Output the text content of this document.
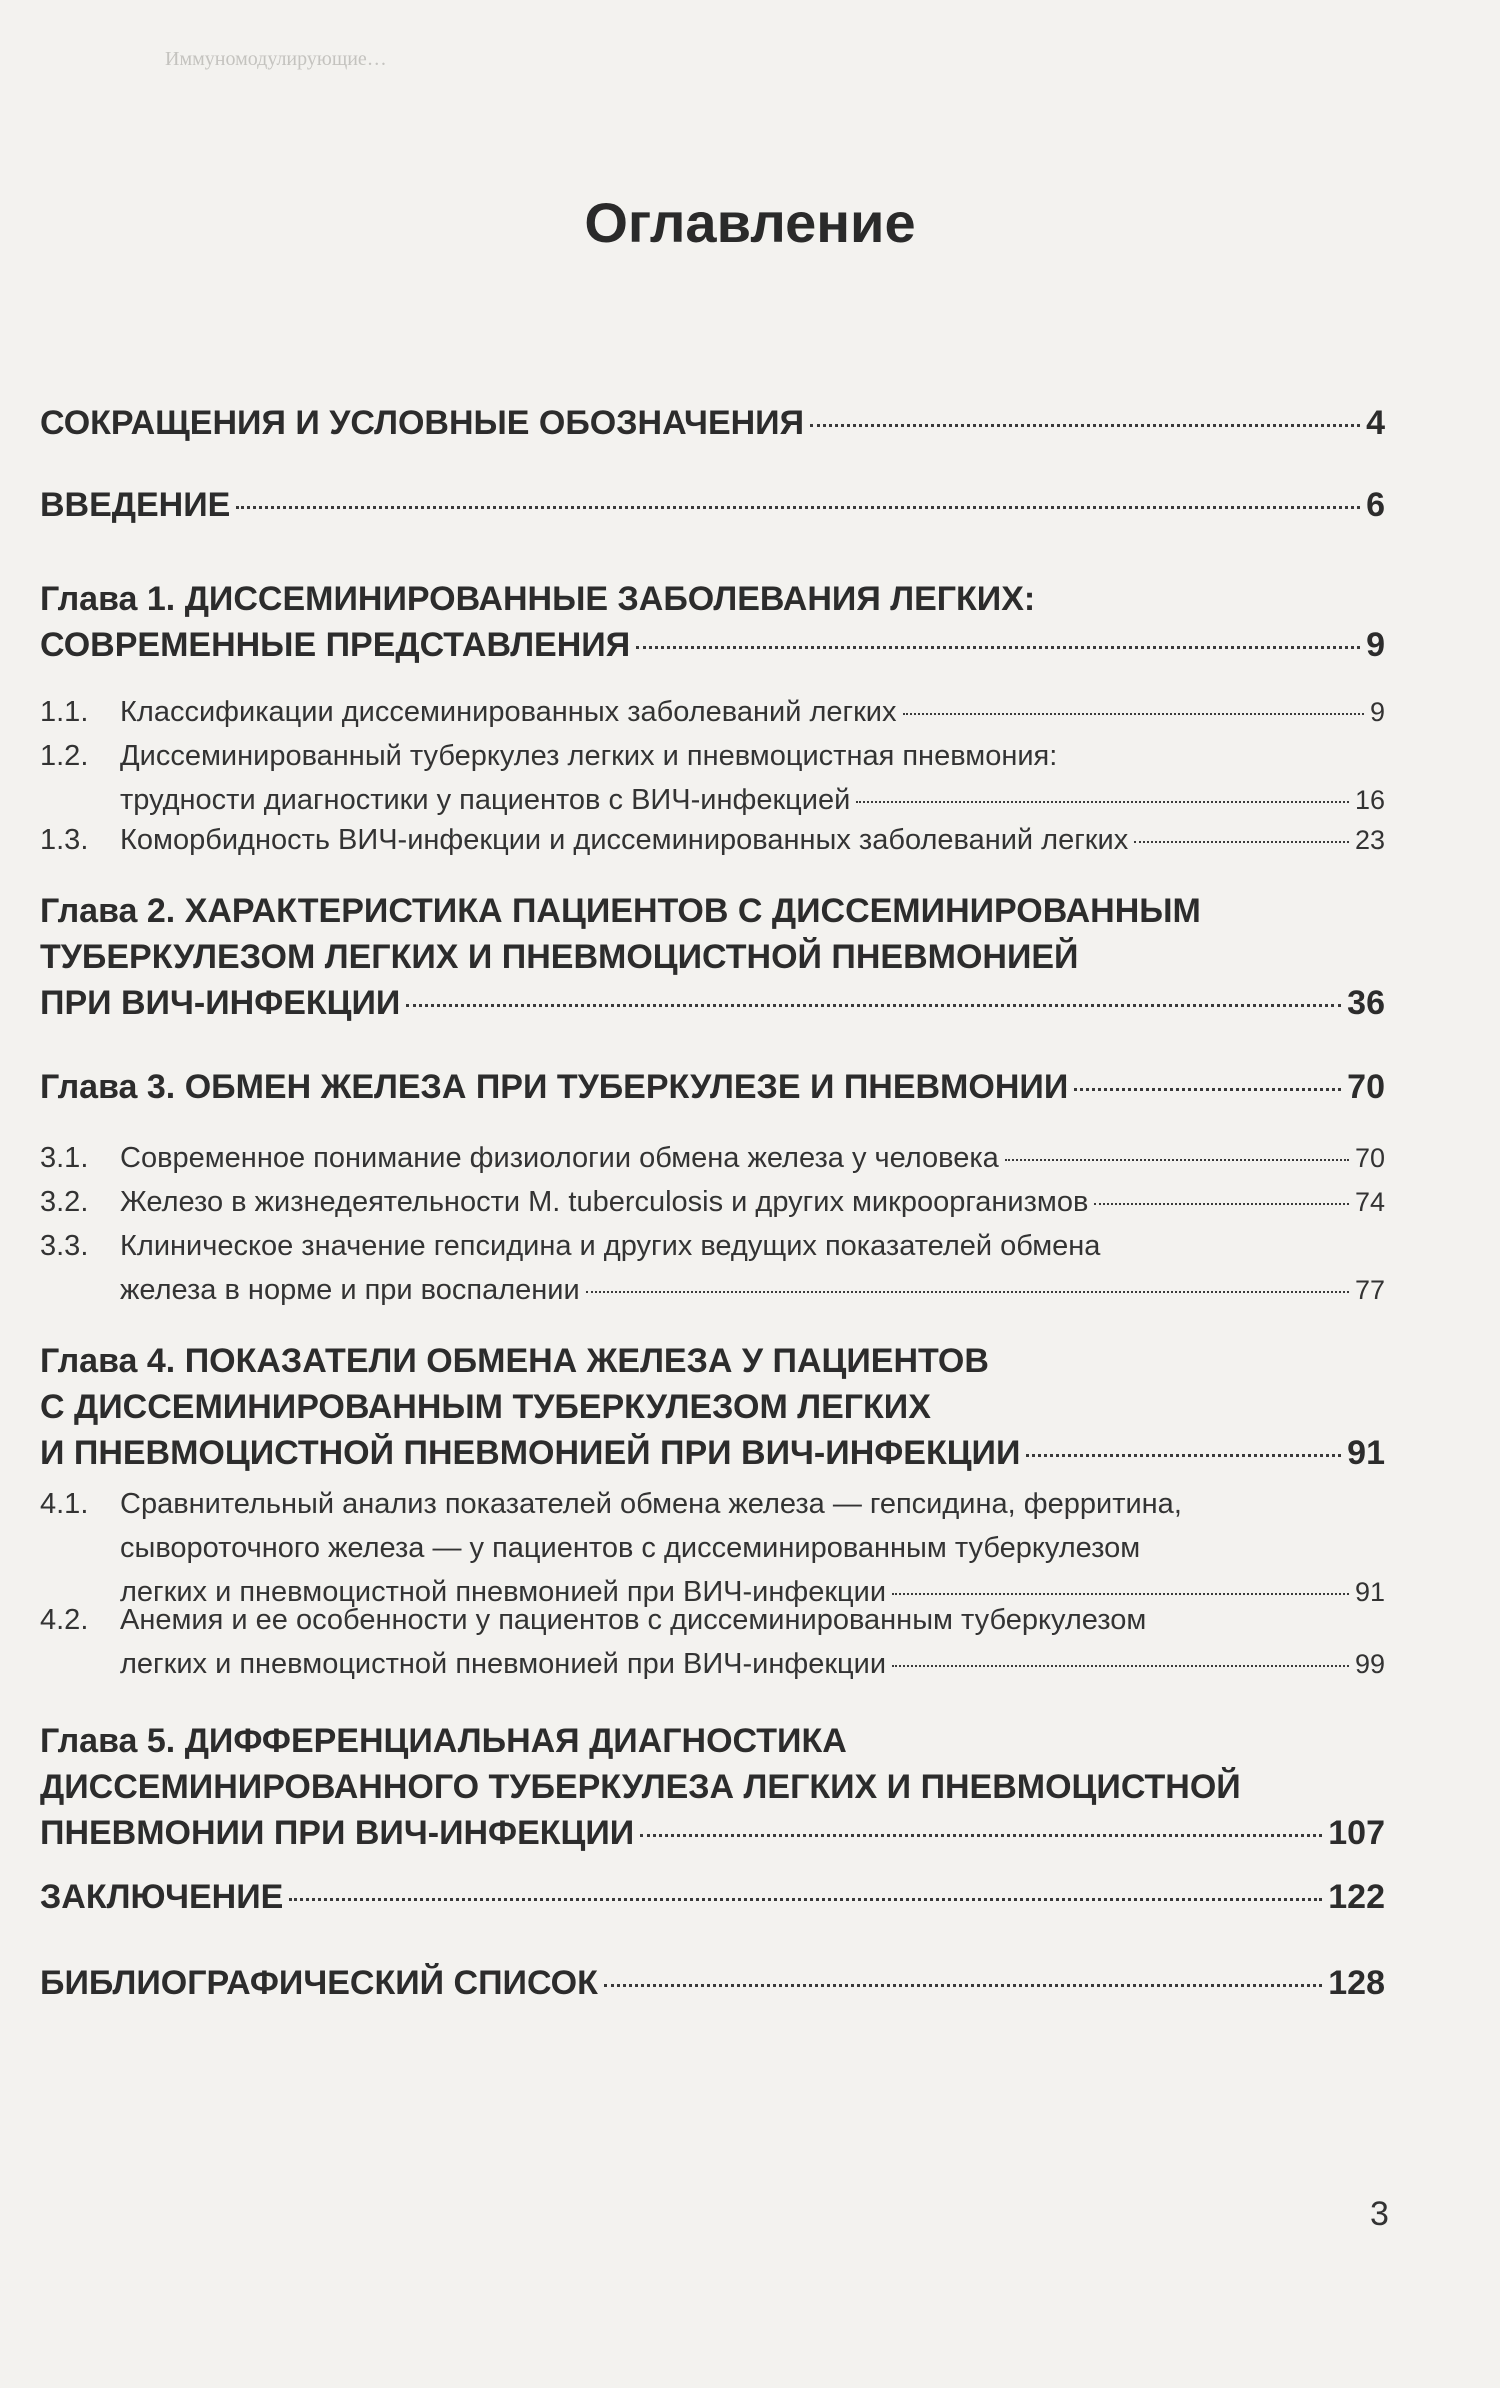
Иммуномодулирующие…
Оглавление
СОКРАЩЕНИЯ И УСЛОВНЫЕ ОБОЗНАЧЕНИЯ	4
ВВЕДЕНИЕ	6
Глава 1. ДИССЕМИНИРОВАННЫЕ ЗАБОЛЕВАНИЯ ЛЕГКИХ:
СОВРЕМЕННЫЕ ПРЕДСТАВЛЕНИЯ	9
1.1. Классификации диссеминированных заболеваний легких	9
1.2. Диссеминированный туберкулез легких и пневмоцистная пневмония:
трудности диагностики у пациентов с ВИЧ-инфекцией	16
1.3. Коморбидность ВИЧ-инфекции и диссеминированных заболеваний легких	23
Глава 2. ХАРАКТЕРИСТИКА ПАЦИЕНТОВ С ДИССЕМИНИРОВАННЫМ
ТУБЕРКУЛЕЗОМ ЛЕГКИХ И ПНЕВМОЦИСТНОЙ ПНЕВМОНИЕЙ
ПРИ ВИЧ-ИНФЕКЦИИ	36
Глава 3. ОБМЕН ЖЕЛЕЗА ПРИ ТУБЕРКУЛЕЗЕ И ПНЕВМОНИИ	70
3.1. Современное понимание физиологии обмена железа у человека	70
3.2. Железо в жизнедеятельности M. tuberculosis и других микроорганизмов	74
3.3. Клиническое значение гепсидина и других ведущих показателей обмена
железа в норме и при воспалении	77
Глава 4. ПОКАЗАТЕЛИ ОБМЕНА ЖЕЛЕЗА У ПАЦИЕНТОВ
С ДИССЕМИНИРОВАННЫМ ТУБЕРКУЛЕЗОМ ЛЕГКИХ
И ПНЕВМОЦИСТНОЙ ПНЕВМОНИЕЙ ПРИ ВИЧ-ИНФЕКЦИИ	91
4.1. Сравнительный анализ показателей обмена железа — гепсидина, ферритина,
сывороточного железа — у пациентов с диссеминированным туберкулезом
легких и пневмоцистной пневмонией при ВИЧ-инфекции	91
4.2. Анемия и ее особенности у пациентов с диссеминированным туберкулезом
легких и пневмоцистной пневмонией при ВИЧ-инфекции	99
Глава 5. ДИФФЕРЕНЦИАЛЬНАЯ ДИАГНОСТИКА
ДИССЕМИНИРОВАННОГО ТУБЕРКУЛЕЗА ЛЕГКИХ И ПНЕВМОЦИСТНОЙ
ПНЕВМОНИИ ПРИ ВИЧ-ИНФЕКЦИИ	107
ЗАКЛЮЧЕНИЕ	122
БИБЛИОГРАФИЧЕСКИЙ СПИСОК	128
3
